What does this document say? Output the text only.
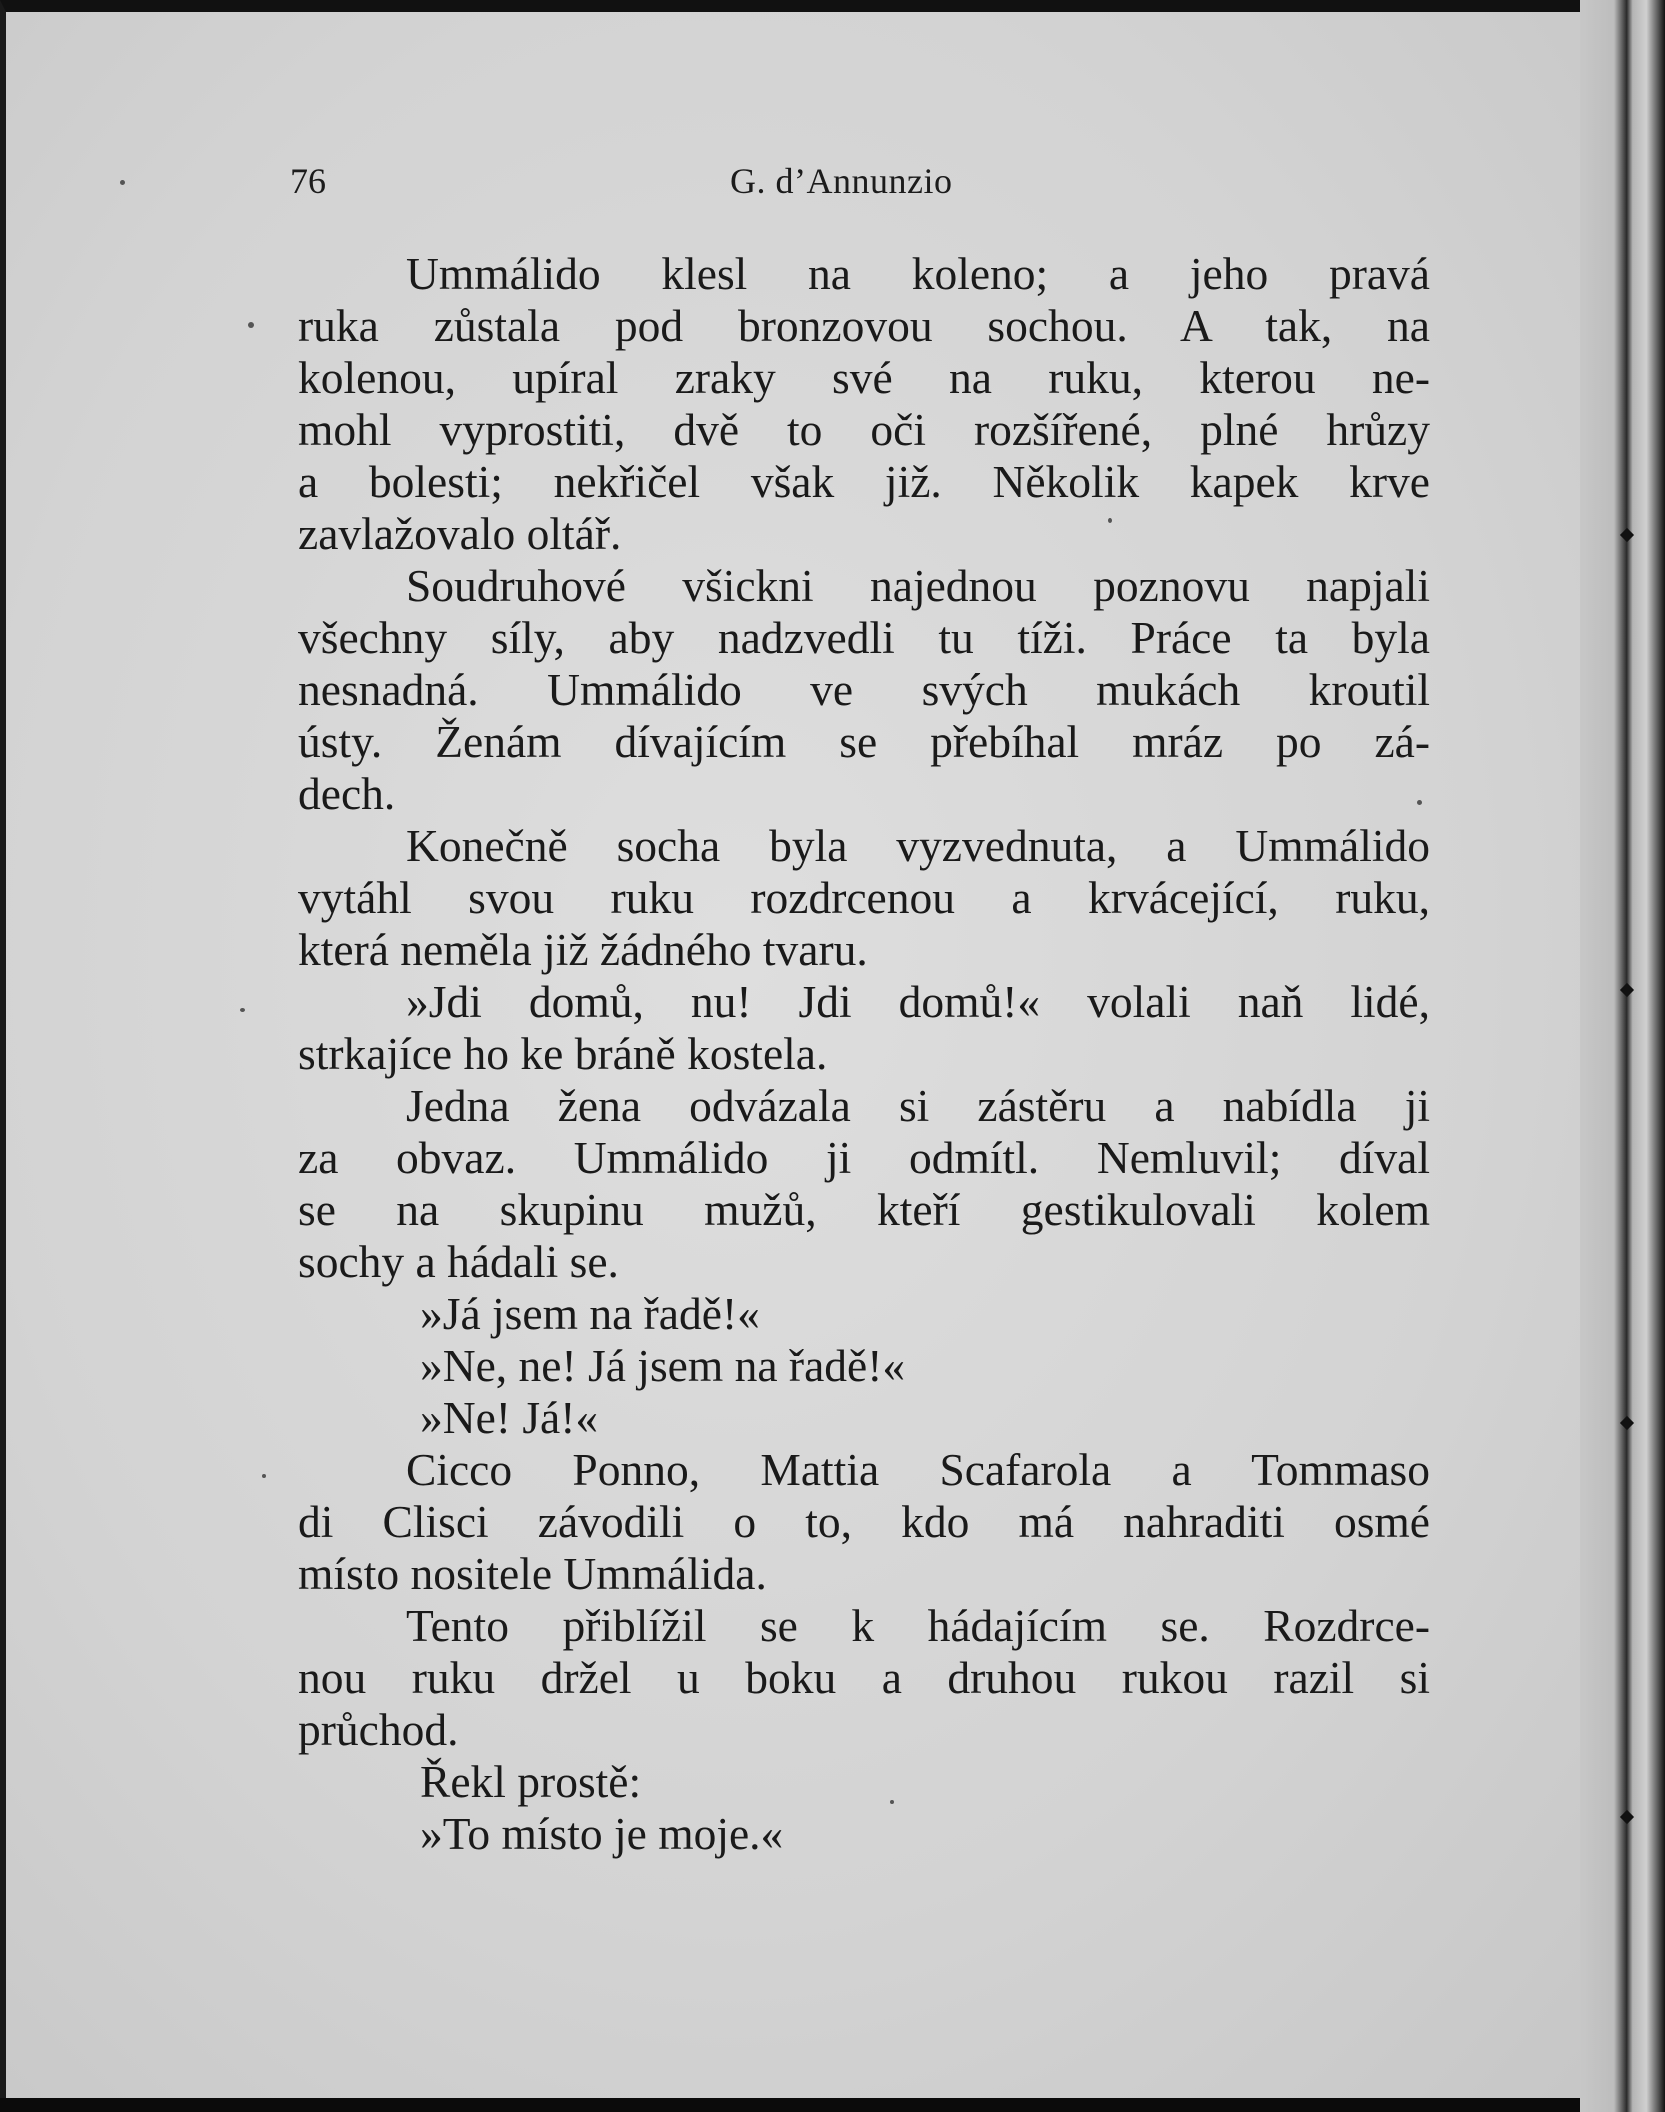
76	G. d’Annunzio
Ummálido klesl na koleno; a jeho pravá
ruka zůstala pod bronzovou sochou. A tak, na
kolenou, upíral zraky své na ruku, kterou ne-
mohl vyprostiti, dvě to oči rozšířené, plné hrůzy
a bolesti; nekřičel však již. Několik kapek krve
zavlažovalo oltář.
Soudruhové všickni najednou poznovu napjali
všechny síly, aby nadzvedli tu tíži. Práce ta byla
nesnadná. Ummálido ve svých mukách kroutil
ústy. Ženám dívajícím se přebíhal mráz po zá-
dech.
Konečně socha byla vyzvednuta, a Ummálido
vytáhl svou ruku rozdrcenou a krvácející, ruku,
která neměla již žádného tvaru.
»Jdi domů, nu! Jdi domů!« volali naň lidé,
strkajíce ho ke bráně kostela.
Jedna žena odvázala si zástěru a nabídla ji
za obvaz. Ummálido ji odmítl. Nemluvil; díval
se na skupinu mužů, kteří gestikulovali kolem
sochy a hádali se.
»Já jsem na řadě!«
»Ne, ne! Já jsem na řadě!«
»Ne! Já!«
Cicco Ponno, Mattia Scafarola a Tommaso
di Clisci závodili o to, kdo má nahraditi osmé
místo nositele Ummálida.
Tento přiblížil se k hádajícím se. Rozdrce-
nou ruku držel u boku a druhou rukou razil si
průchod.
Řekl prostě:
»To místo je moje.«
